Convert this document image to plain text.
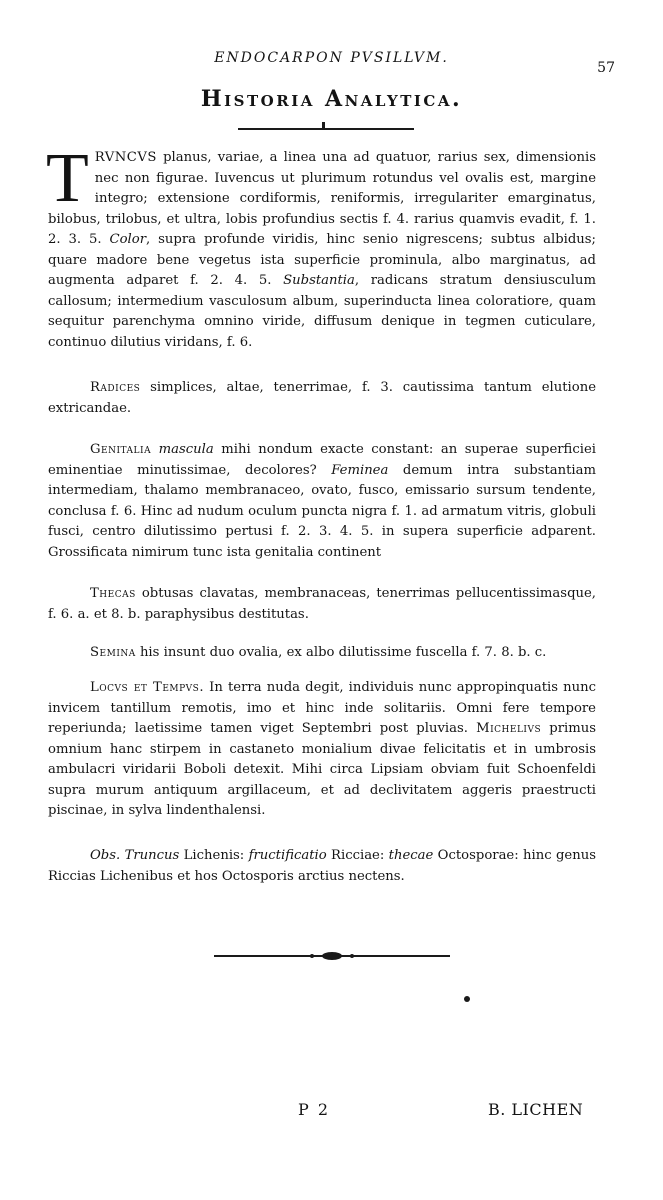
ENDOCARPON PVSILLVM.
57
Historia Analytica.
TRVNCVS planus, variae, a linea una ad quatuor, rarius sex, dimensionis nec non figurae. Iuvencus ut plurimum rotundus vel ovalis est, margine integro; extensione cordiformis, reniformis, irregulariter emarginatus, bilobus, trilobus, et ultra, lobis profundius sectis f. 4. rarius quamvis evadit, f. 1. 2. 3. 5. Color, supra profunde viridis, hinc senio nigrescens; subtus albidus; quare madore bene vegetus ista superficie prominula, albo marginatus, ad augmenta adparet f. 2. 4. 5. Substantia, radicans stratum densiusculum callosum; intermedium vasculosum album, superinducta linea coloratiore, quam sequitur parenchyma omnino viride, diffusum denique in tegmen cuticulare, continuo dilutius viridans, f. 6.
Radices simplices, altae, tenerrimae, f. 3. cautissima tantum elutione extricandae.
Genitalia mascula mihi nondum exacte constant: an superae superficiei eminentiae minutissimae, decolores? Feminea demum intra substantiam intermediam, thalamo membranaceo, ovato, fusco, emissario sursum tendente, conclusa f. 6. Hinc ad nudum oculum puncta nigra f. 1. ad armatum vitris, globuli fusci, centro dilutissimo pertusi f. 2. 3. 4. 5. in supera superficie adparent. Grossificata nimirum tunc ista genitalia continent
Thecas obtusas clavatas, membranaceas, tenerrimas pellucentissimasque, f. 6. a. et 8. b. paraphysibus destitutas.
Semina his insunt duo ovalia, ex albo dilutissime fuscella f. 7. 8. b. c.
Locvs et Tempvs. In terra nuda degit, individuis nunc appropinquatis nunc invicem tantillum remotis, imo et hinc inde solitariis. Omni fere tempore reperiunda; laetissime tamen viget Septembri post pluvias. Michelivs primus omnium hanc stirpem in castaneto monialium divae felicitatis et in umbrosis ambulacri viridarii Boboli detexit. Mihi circa Lipsiam obviam fuit Schoenfeldi supra murum antiquum argillaceum, et ad declivitatem aggeris praestructi piscinae, in sylva lindenthalensi.
Obs. Truncus Lichenis: fructificatio Ricciae: thecae Octosporae: hinc genus Riccias Lichenibus et hos Octosporis arctius nectens.
P 2	B. LICHEN
